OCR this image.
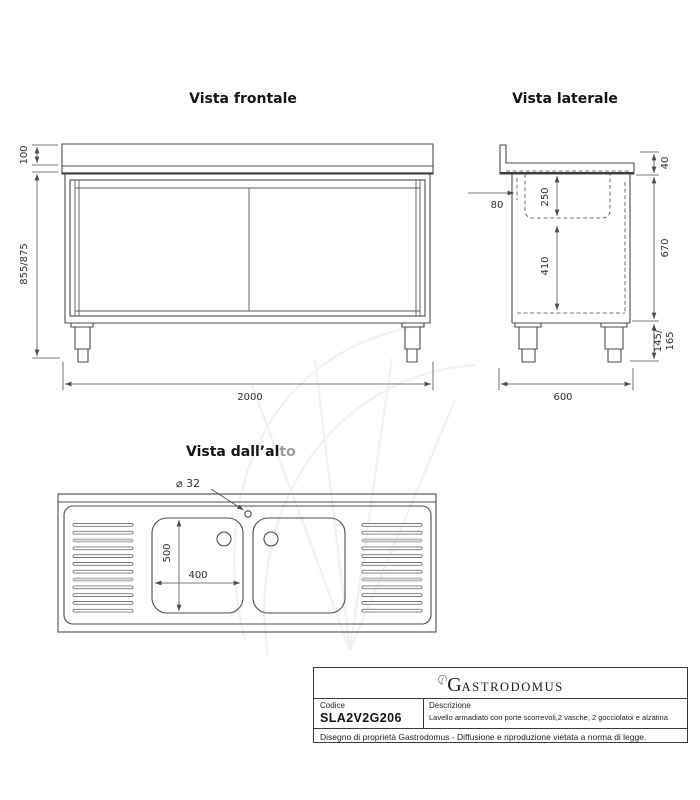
Vista frontale
100
855/875
2000
Vista laterale
80	250
410
40
670
145/ 165
600
Vista dall’alto
⌀ 32
500
400
GASTRODOMUS
Codice
SLA2V2G206
Descrizione
Lavello armadiato con porte scorrevoli,2 vasche, 2 gocciolatoi e alzatina
Disegno di proprietà Gastrodomus - Diffusione e riproduzione vietata a norma di legge.
